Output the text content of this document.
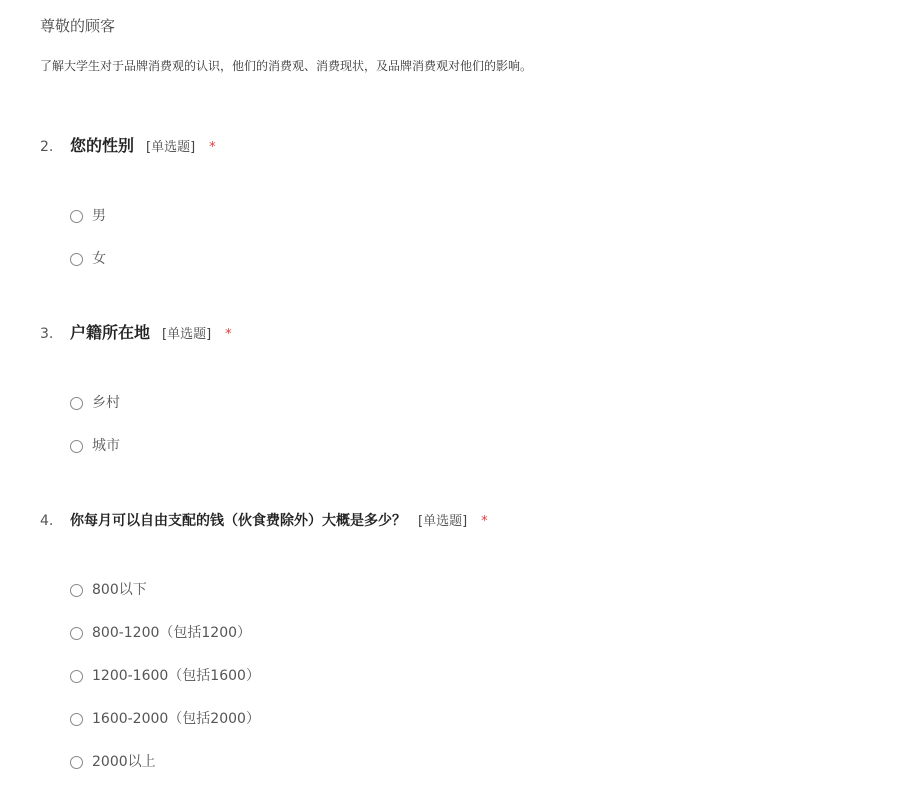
尊敬的顾客
了解大学生对于品牌消费观的认识，他们的消费观、消费现状，及品牌消费观对他们的影响。
2. 您的性别 [单选题] *
男
女
3. 户籍所在地 [单选题] *
乡村
城市
4. 你每月可以自由支配的钱（伙食费除外）大概是多少？ [单选题] *
800以下
800-1200（包括1200）
1200-1600（包括1600）
1600-2000（包括2000）
2000以上
